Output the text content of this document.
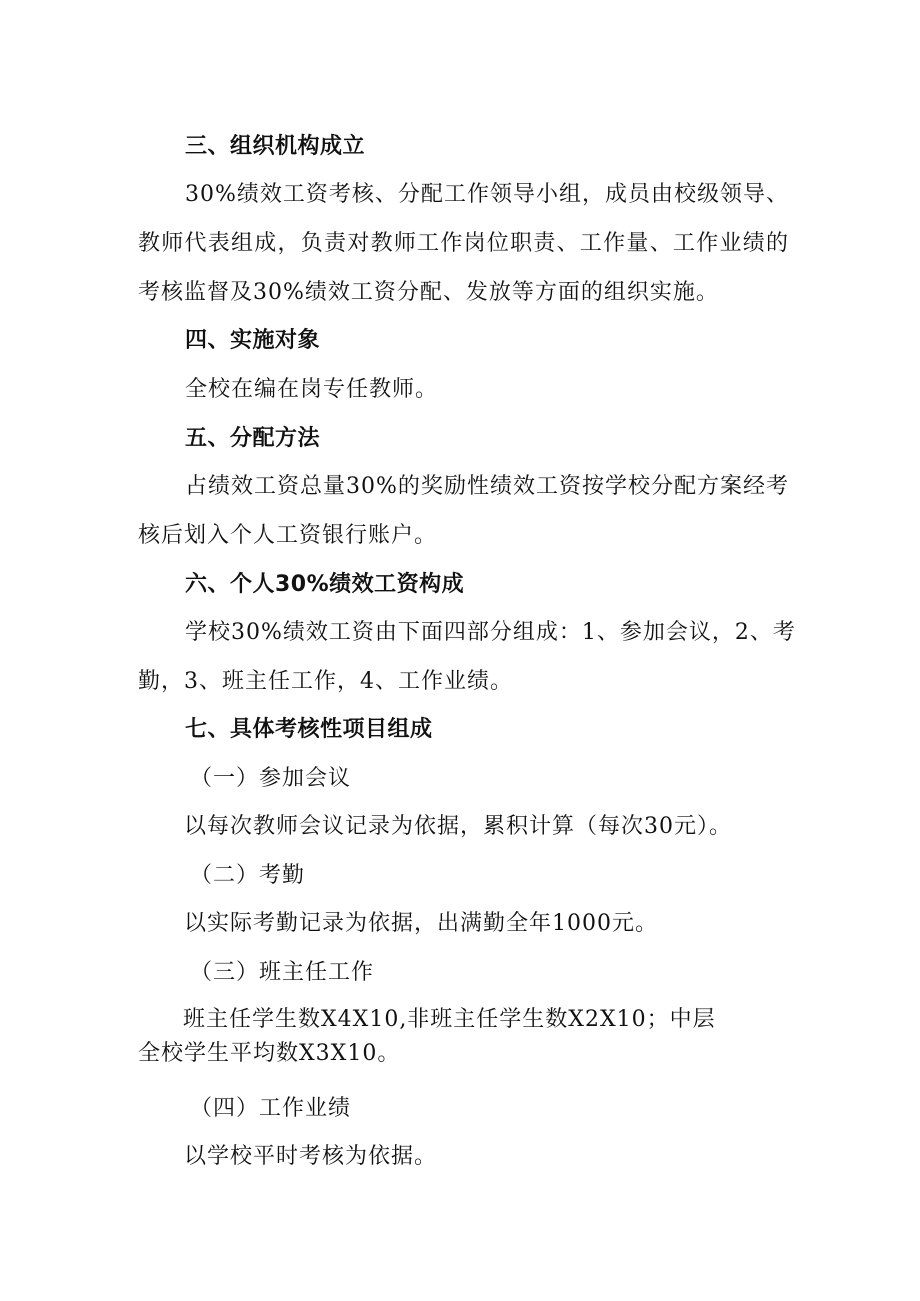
三、组织机构成立
30%绩效工资考核、分配工作领导小组，成员由校级领导、
教师代表组成，负责对教师工作岗位职责、工作量、工作业绩的
考核监督及30%绩效工资分配、发放等方面的组织实施。
四、实施对象
全校在编在岗专任教师。
五、分配方法
占绩效工资总量30%的奖励性绩效工资按学校分配方案经考
核后划入个人工资银行账户。
六、个人30%绩效工资构成
学校30%绩效工资由下面四部分组成：1、参加会议，2、考
勤，3、班主任工作，4、工作业绩。
七、具体考核性项目组成
（一）参加会议
以每次教师会议记录为依据，累积计算（每次30元）。
（二）考勤
以实际考勤记录为依据，出满勤全年1000元。
（三）班主任工作
班主任学生数X4X10,非班主任学生数X2X10；中层
全校学生平均数X3X10。
（四）工作业绩
以学校平时考核为依据。
